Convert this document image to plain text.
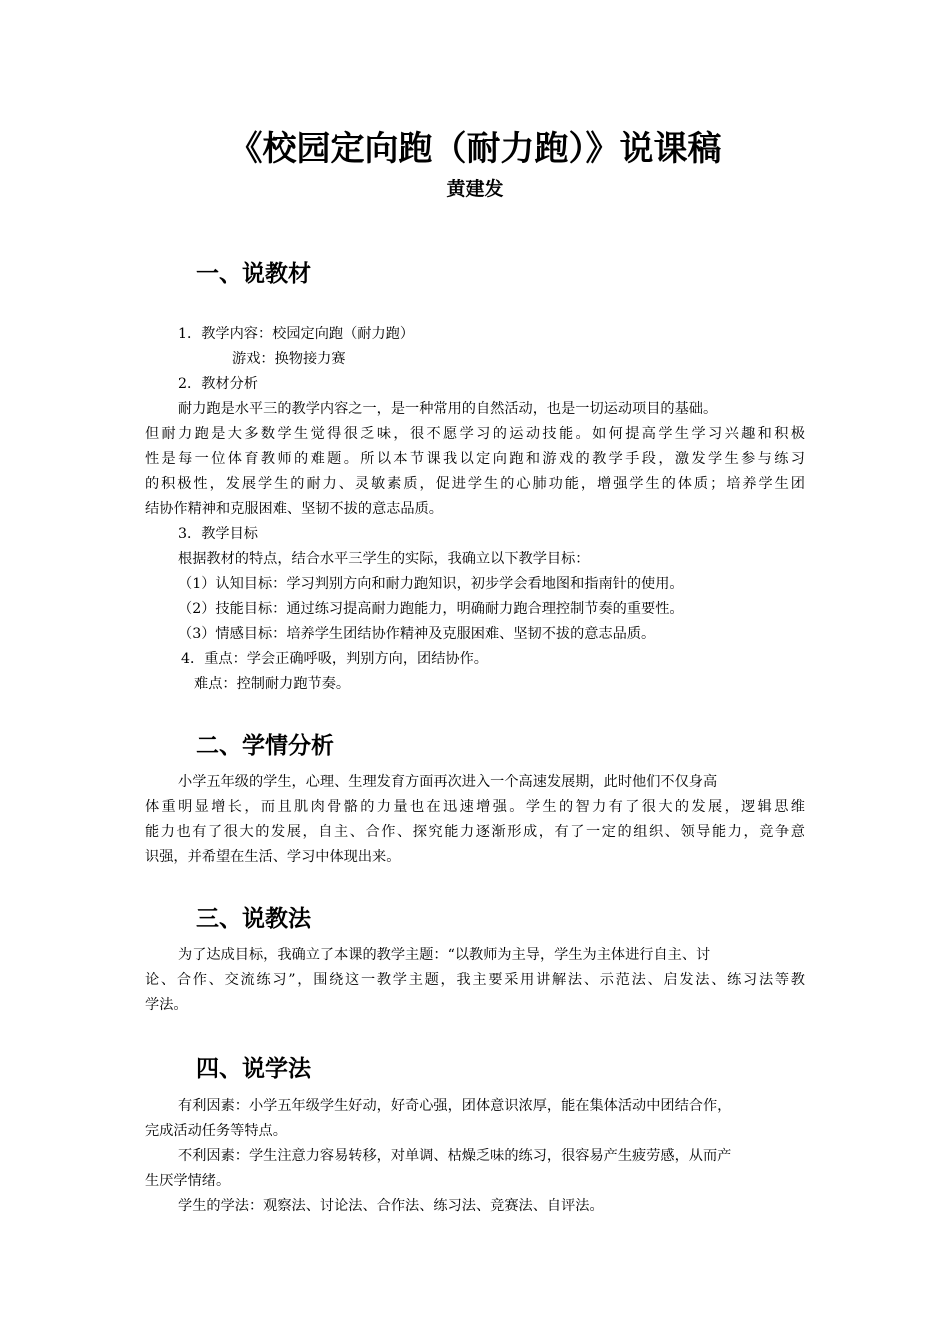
《校园定向跑（耐力跑）》说课稿
黄建发
一、说教材
1．教学内容：校园定向跑（耐力跑）
游戏：换物接力赛
2．教材分析
耐力跑是水平三的教学内容之一，是一种常用的自然活动，也是一切运动项目的基础。
但耐力跑是大多数学生觉得很乏味，很不愿学习的运动技能。如何提高学生学习兴趣和积极
性是每一位体育教师的难题。所以本节课我以定向跑和游戏的教学手段，激发学生参与练习
的积极性，发展学生的耐力、灵敏素质，促进学生的心肺功能，增强学生的体质；培养学生团
结协作精神和克服困难、坚韧不拔的意志品质。
3．教学目标
根据教材的特点，结合水平三学生的实际，我确立以下教学目标：
（1）认知目标：学习判别方向和耐力跑知识，初步学会看地图和指南针的使用。
（2）技能目标：通过练习提高耐力跑能力，明确耐力跑合理控制节奏的重要性。
（3）情感目标：培养学生团结协作精神及克服困难、坚韧不拔的意志品质。
4．重点：学会正确呼吸，判别方向，团结协作。
难点：控制耐力跑节奏。
二、学情分析
小学五年级的学生，心理、生理发育方面再次进入一个高速发展期，此时他们不仅身高
体重明显增长，而且肌肉骨骼的力量也在迅速增强。学生的智力有了很大的发展，逻辑思维
能力也有了很大的发展，自主、合作、探究能力逐渐形成，有了一定的组织、领导能力，竞争意
识强，并希望在生活、学习中体现出来。
三、说教法
为了达成目标，我确立了本课的教学主题：“以教师为主导，学生为主体进行自主、讨
论、合作、交流练习”，围绕这一教学主题，我主要采用讲解法、示范法、启发法、练习法等教
学法。
四、说学法
有利因素：小学五年级学生好动，好奇心强，团体意识浓厚，能在集体活动中团结合作，
完成活动任务等特点。
不利因素：学生注意力容易转移，对单调、枯燥乏味的练习，很容易产生疲劳感，从而产
生厌学情绪。
学生的学法：观察法、讨论法、合作法、练习法、竞赛法、自评法。
